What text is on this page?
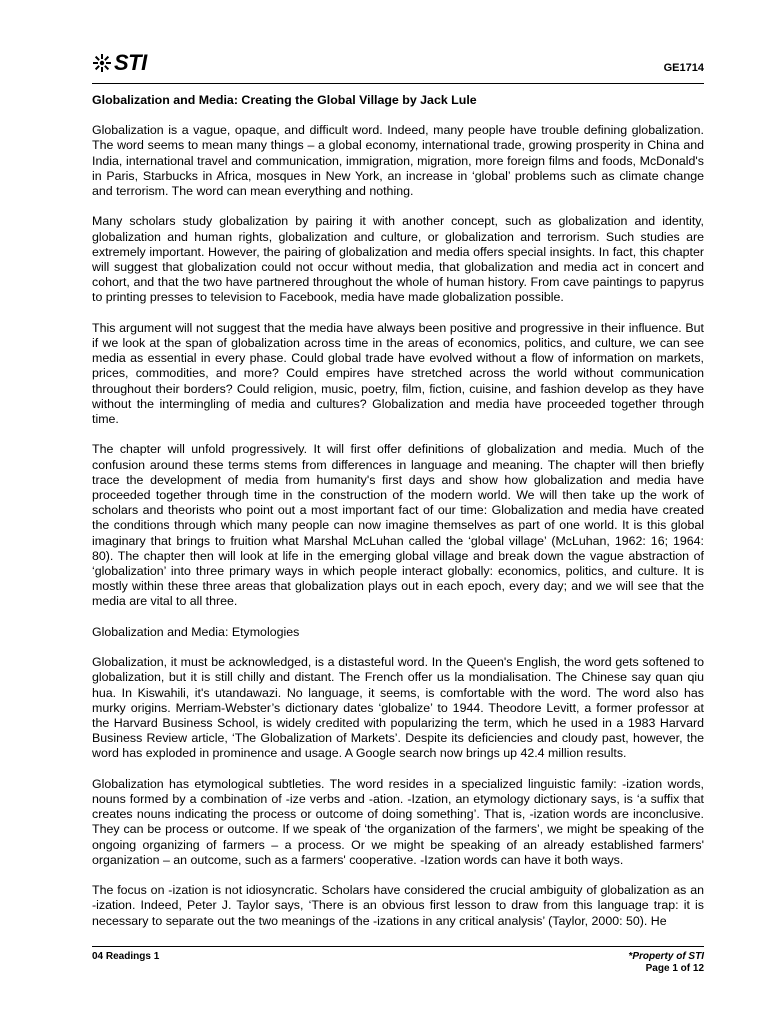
STI	GE1714
Globalization and Media: Creating the Global Village by Jack Lule

Globalization is a vague, opaque, and difficult word. Indeed, many people have trouble defining globalization. The word seems to mean many things – a global economy, international trade, growing prosperity in China and India, international travel and communication, immigration, migration, more foreign films and foods, McDonald's in Paris, Starbucks in Africa, mosques in New York, an increase in ‘global’ problems such as climate change and terrorism. The word can mean everything and nothing.

Many scholars study globalization by pairing it with another concept, such as globalization and identity, globalization and human rights, globalization and culture, or globalization and terrorism. Such studies are extremely important. However, the pairing of globalization and media offers special insights. In fact, this chapter will suggest that globalization could not occur without media, that globalization and media act in concert and cohort, and that the two have partnered throughout the whole of human history. From cave paintings to papyrus to printing presses to television to Facebook, media have made globalization possible.

This argument will not suggest that the media have always been positive and progressive in their influence. But if we look at the span of globalization across time in the areas of economics, politics, and culture, we can see media as essential in every phase. Could global trade have evolved without a flow of information on markets, prices, commodities, and more? Could empires have stretched across the world without communication throughout their borders? Could religion, music, poetry, film, fiction, cuisine, and fashion develop as they have without the intermingling of media and cultures? Globalization and media have proceeded together through time.

The chapter will unfold progressively. It will first offer definitions of globalization and media. Much of the confusion around these terms stems from differences in language and meaning. The chapter will then briefly trace the development of media from humanity's first days and show how globalization and media have proceeded together through time in the construction of the modern world. We will then take up the work of scholars and theorists who point out a most important fact of our time: Globalization and media have created the conditions through which many people can now imagine themselves as part of one world. It is this global imaginary that brings to fruition what Marshal McLuhan called the ‘global village’ (McLuhan, 1962: 16; 1964: 80). The chapter then will look at life in the emerging global village and break down the vague abstraction of ‘globalization’ into three primary ways in which people interact globally: economics, politics, and culture. It is mostly within these three areas that globalization plays out in each epoch, every day; and we will see that the media are vital to all three.

Globalization and Media: Etymologies

Globalization, it must be acknowledged, is a distasteful word. In the Queen's English, the word gets softened to globalization, but it is still chilly and distant. The French offer us la mondialisation. The Chinese say quan qiu hua. In Kiswahili, it's utandawazi. No language, it seems, is comfortable with the word. The word also has murky origins. Merriam-Webster’s dictionary dates ‘globalize’ to 1944. Theodore Levitt, a former professor at the Harvard Business School, is widely credited with popularizing the term, which he used in a 1983 Harvard Business Review article, ‘The Globalization of Markets’. Despite its deficiencies and cloudy past, however, the word has exploded in prominence and usage. A Google search now brings up 42.4 million results.

Globalization has etymological subtleties. The word resides in a specialized linguistic family: -ization words, nouns formed by a combination of -ize verbs and -ation. -Ization, an etymology dictionary says, is ‘a suffix that creates nouns indicating the process or outcome of doing something’. That is, -ization words are inconclusive. They can be process or outcome. If we speak of ‘the organization of the farmers’, we might be speaking of the ongoing organizing of farmers – a process. Or we might be speaking of an already established farmers' organization – an outcome, such as a farmers' cooperative. -Ization words can have it both ways.

The focus on -ization is not idiosyncratic. Scholars have considered the crucial ambiguity of globalization as an -ization. Indeed, Peter J. Taylor says, ‘There is an obvious first lesson to draw from this language trap: it is necessary to separate out the two meanings of the -izations in any critical analysis’ (Taylor, 2000: 50). He

04 Readings 1	*Property of STI
Page 1 of 12
